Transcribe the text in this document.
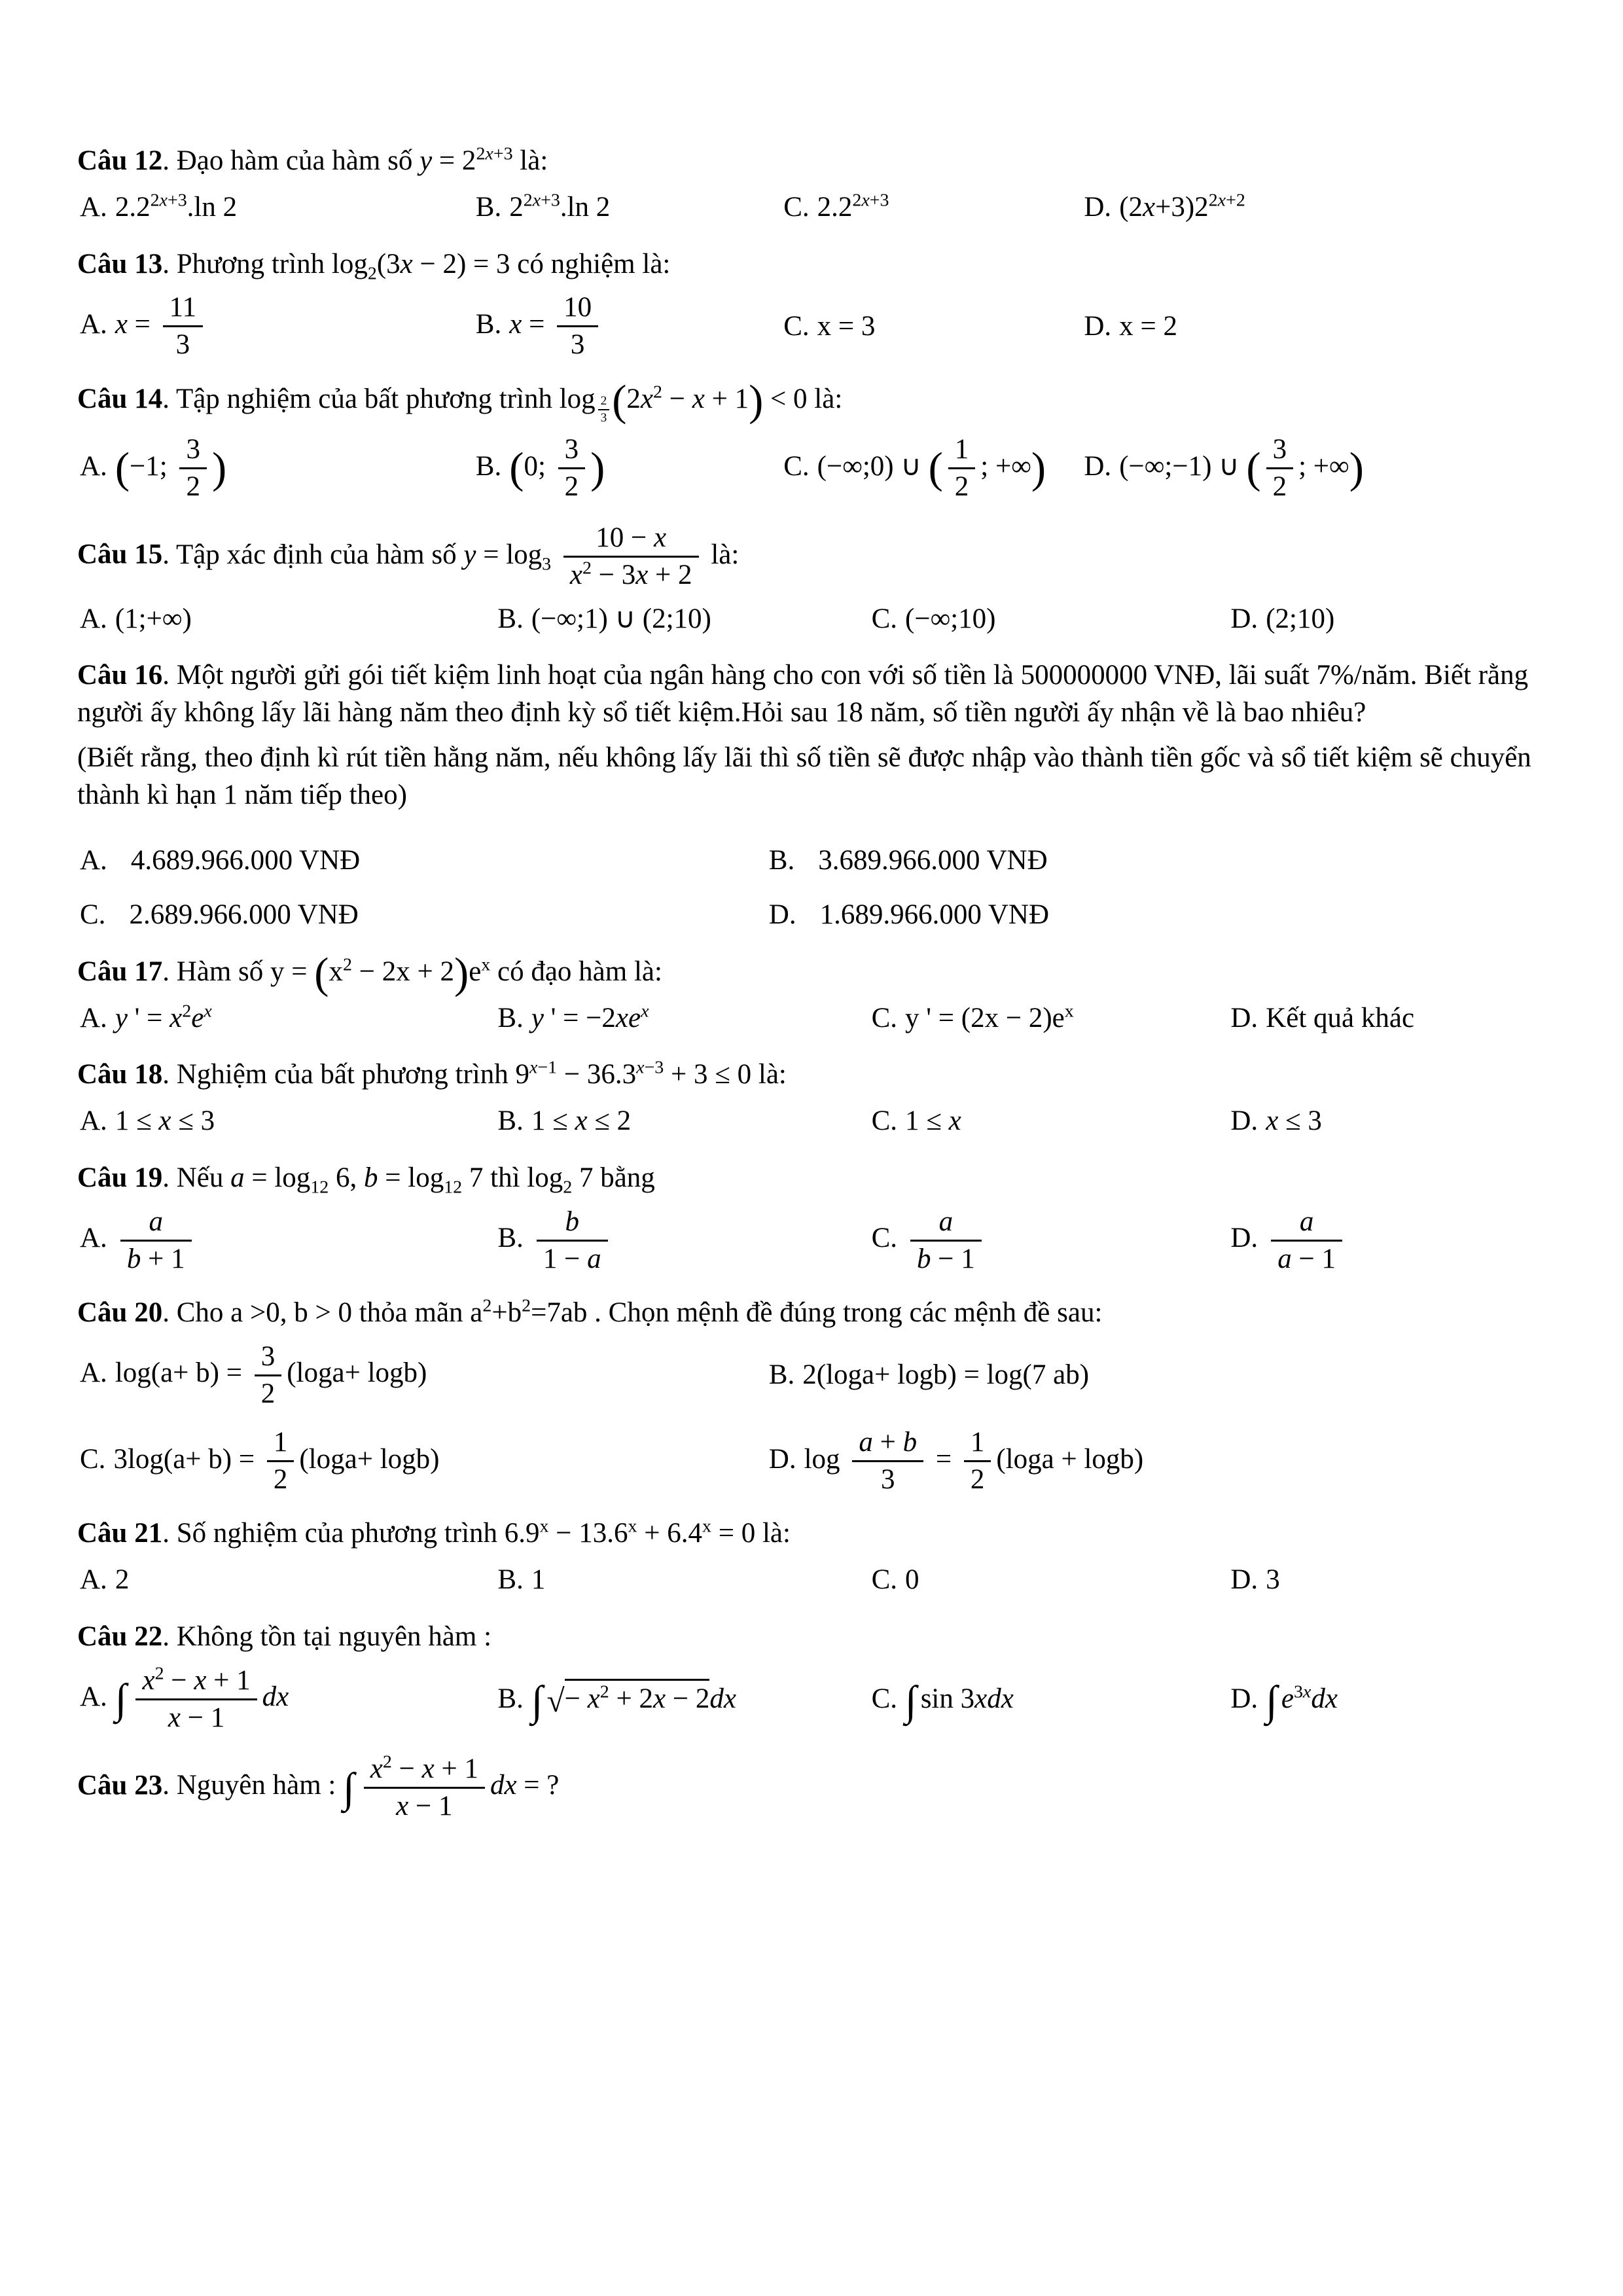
Câu 12. Đạo hàm của hàm số $y = 2^{2x+3}$ là:

A. $2.2^{2x+3}.\ln$ 2	B. $2^{2x+3}.\ln$ 2	C. $2.2^{2x+3}$	D. $(2x+3)2^{2x+2}$

Câu 13. Phương trình $\log_2(3x - 2) = 3$ có nghiệm là:

A. $x = \frac{11}{3}$	B. $x = \frac{10}{3}$	C. x = 3	D. x = 2

Câu 14. Tập nghiệm của bất phương trình log $_{\frac{2}{3}}$ $(2x^2 - x + 1) < 0$ là:

A. (−1; $\frac{3}{2}$ )	B. (0; $\frac{3}{2}$ )	C. (−∞;0) ∪ ( $\frac{1}{2}$ ; +∞)	D. (−∞;−1) ∪ ( $\frac{3}{2}$ ; +∞)

Câu 15. Tập xác định của hàm số $y = \log_3 \frac{10 - x}{x^2 - 3x + 2}$ là:

A. (1;+∞)	B. (−∞;1) ∪ (2;10)	C. (−∞;10)	D. (2;10)

Câu 16. Một người gửi gói tiết kiệm linh hoạt của ngân hàng cho con với số tiền là 500000000 VNĐ, lãi suất 7%/năm. Biết rằng người ấy không lấy lãi hàng năm theo định kỳ sổ tiết kiệm.Hỏi sau 18 năm, số tiền người ấy nhận về là bao nhiêu?

(Biết rằng, theo định kì rút tiền hằng năm, nếu không lấy lãi thì số tiền sẽ được nhập vào thành tiền gốc và sổ tiết kiệm sẽ chuyển thành kì hạn 1 năm tiếp theo)

A. 4.689.966.000 VNĐ	B. 3.689.966.000 VNĐ
C. 2.689.966.000 VNĐ	D. 1.689.966.000 VNĐ

Câu 17. Hàm số $y = (x^2 - 2x + 2)e^x$ có đạo hàm là:

A. y ' = $x^2e^x$	B. y ' = $-2xe^x$	C. y ' = $(2x - 2)e^x$	D. Kết quả khác

Câu 18. Nghiệm của bất phương trình $9^{x-1} - 36.3^{x-3} + 3 \le 0$ là:

A. 1 ≤ x ≤ 3	B. 1 ≤ x ≤ 2	C. 1 ≤ x	D. x ≤ 3

Câu 19. Nếu $a = \log_{12} 6$, $b = \log_{12} 7$ thì $\log_2 7$ bằng

A. $\frac{a}{b + 1}$	B. $\frac{b}{1 - a}$	C. $\frac{a}{b - 1}$	D. $\frac{a}{a - 1}$

Câu 20. Cho a >0, b > 0 thỏa mãn $a^2+b^2=7ab$ . Chọn mệnh đề đúng trong các mệnh đề sau:

A. $\log(a+ b) = \frac{3}{2} (\log a+ \log b)$	B. 2(loga+ logb) = log(7 ab)
C. $3\log(a+ b) = \frac{1}{2} (\log a+ \log b)$	D. $\log \frac{a + b}{3} = \frac{1}{2} (\log a + \log b)$

Câu 21. Số nghiệm của phương trình $6.9^x - 13.6^x + 6.4^x = 0$ là:

A. 2	B. 1	C. 0	D. 3

Câu 22. Không tồn tại nguyên hàm :

A. ∫ $\frac{x^2 - x + 1}{x - 1}$ dx	B. ∫ √− $x^2 + 2x - 2dx$	C. ∫ sin 3xdx	D. ∫ $e^{3x}dx$

Câu 23. Nguyên hàm : ∫ $\frac{x^2 - x + 1}{x - 1}$ dx = ?
